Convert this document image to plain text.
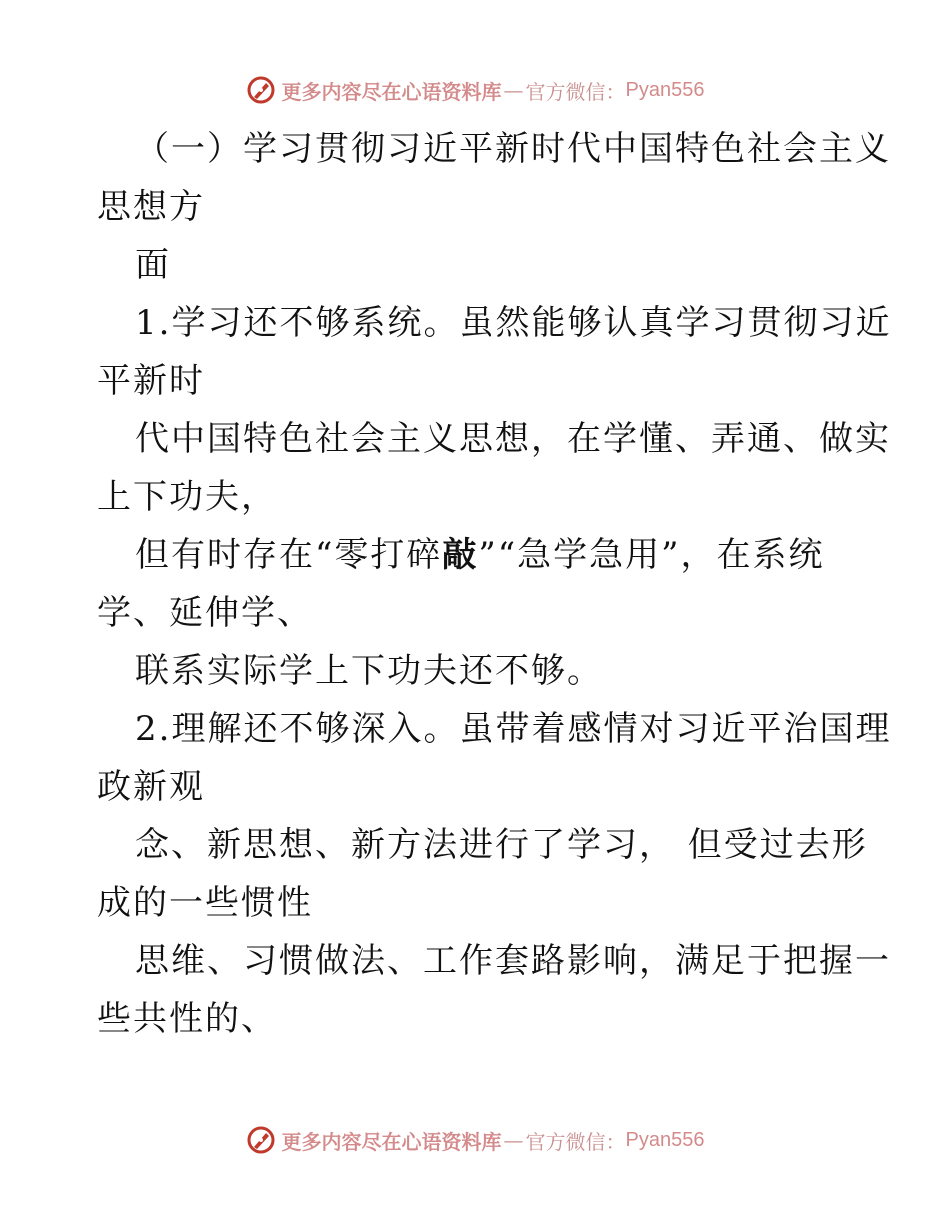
更多内容尽在心语资料库 — 官方微信： Pyan556
（一）学习贯彻习近平新时代中国特色社会主义
思想方
面
1.学习还不够系统。虽然能够认真学习贯彻习近
平新时
代中国特色社会主义思想，在学懂、弄通、做实
上下功夫，
但有时存在“零打碎敲”“急学急用”，在系统
学、延伸学、
联系实际学上下功夫还不够。
2.理解还不够深入。虽带着感情对习近平治国理
政新观
念、新思想、新方法进行了学习， 但受过去形
成的一些惯性
思维、习惯做法、工作套路影响，满足于把握一
些共性的、
更多内容尽在心语资料库 — 官方微信： Pyan556
